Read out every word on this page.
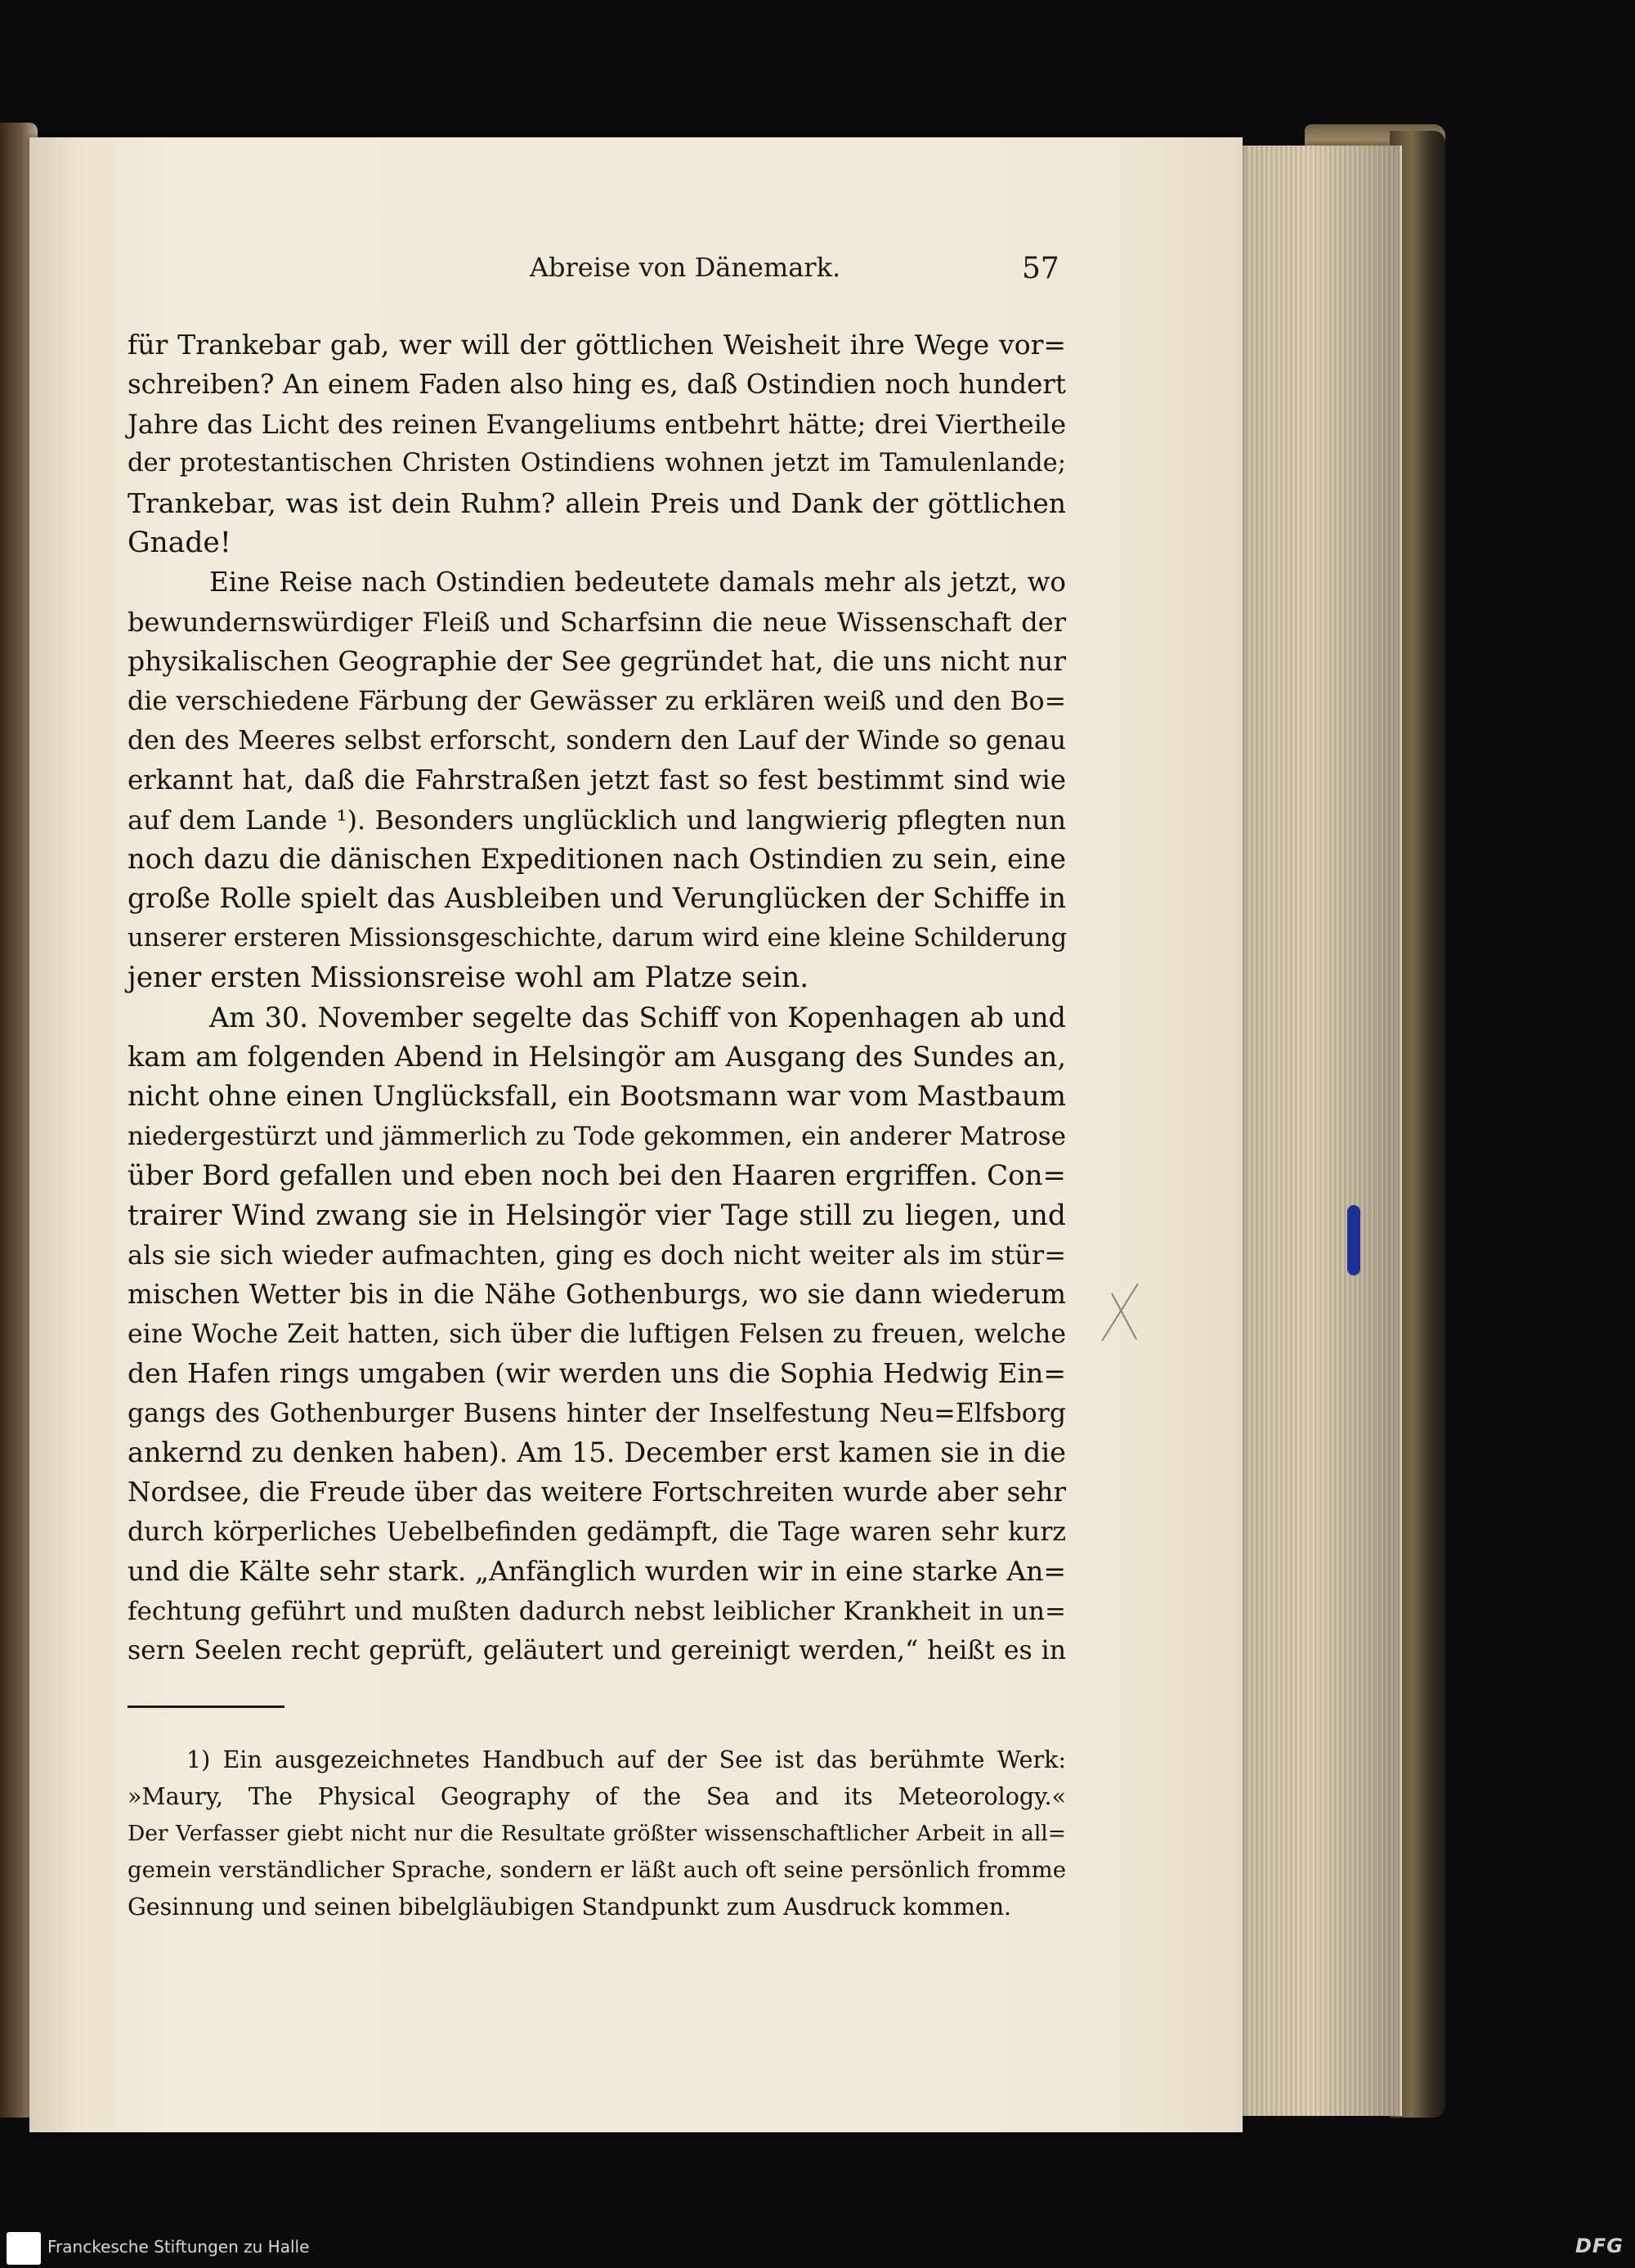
Abreise von Dänemark.	57
für Trankebar gab, wer will der göttlichen Weisheit ihre Wege vor=
schreiben? An einem Faden also hing es, daß Ostindien noch hundert
Jahre das Licht des reinen Evangeliums entbehrt hätte; drei Viertheile
der protestantischen Christen Ostindiens wohnen jetzt im Tamulenlande;
Trankebar, was ist dein Ruhm? allein Preis und Dank der göttlichen
Gnade!
Eine Reise nach Ostindien bedeutete damals mehr als jetzt, wo
bewundernswürdiger Fleiß und Scharfsinn die neue Wissenschaft der
physikalischen Geographie der See gegründet hat, die uns nicht nur
die verschiedene Färbung der Gewässer zu erklären weiß und den Bo=
den des Meeres selbst erforscht, sondern den Lauf der Winde so genau
erkannt hat, daß die Fahrstraßen jetzt fast so fest bestimmt sind wie
auf dem Lande ¹). Besonders unglücklich und langwierig pflegten nun
noch dazu die dänischen Expeditionen nach Ostindien zu sein, eine
große Rolle spielt das Ausbleiben und Verunglücken der Schiffe in
unserer ersteren Missionsgeschichte, darum wird eine kleine Schilderung
jener ersten Missionsreise wohl am Platze sein.
Am 30. November segelte das Schiff von Kopenhagen ab und
kam am folgenden Abend in Helsingör am Ausgang des Sundes an,
nicht ohne einen Unglücksfall, ein Bootsmann war vom Mastbaum
niedergestürzt und jämmerlich zu Tode gekommen, ein anderer Matrose
über Bord gefallen und eben noch bei den Haaren ergriffen. Con=
trairer Wind zwang sie in Helsingör vier Tage still zu liegen, und
als sie sich wieder aufmachten, ging es doch nicht weiter als im stür=
mischen Wetter bis in die Nähe Gothenburgs, wo sie dann wiederum
eine Woche Zeit hatten, sich über die luftigen Felsen zu freuen, welche
den Hafen rings umgaben (wir werden uns die Sophia Hedwig Ein=
gangs des Gothenburger Busens hinter der Inselfestung Neu=Elfsborg
ankernd zu denken haben). Am 15. December erst kamen sie in die
Nordsee, die Freude über das weitere Fortschreiten wurde aber sehr
durch körperliches Uebelbefinden gedämpft, die Tage waren sehr kurz
und die Kälte sehr stark. „Anfänglich wurden wir in eine starke An=
fechtung geführt und mußten dadurch nebst leiblicher Krankheit in un=
sern Seelen recht geprüft, geläutert und gereinigt werden,“ heißt es in
1) Ein ausgezeichnetes Handbuch auf der See ist das berühmte Werk:
»Maury, The Physical Geography of the Sea and its Meteorology.«
Der Verfasser giebt nicht nur die Resultate größter wissenschaftlicher Arbeit in all=
gemein verständlicher Sprache, sondern er läßt auch oft seine persönlich fromme
Gesinnung und seinen bibelgläubigen Standpunkt zum Ausdruck kommen.
Franckesche Stiftungen zu Halle	DFG
